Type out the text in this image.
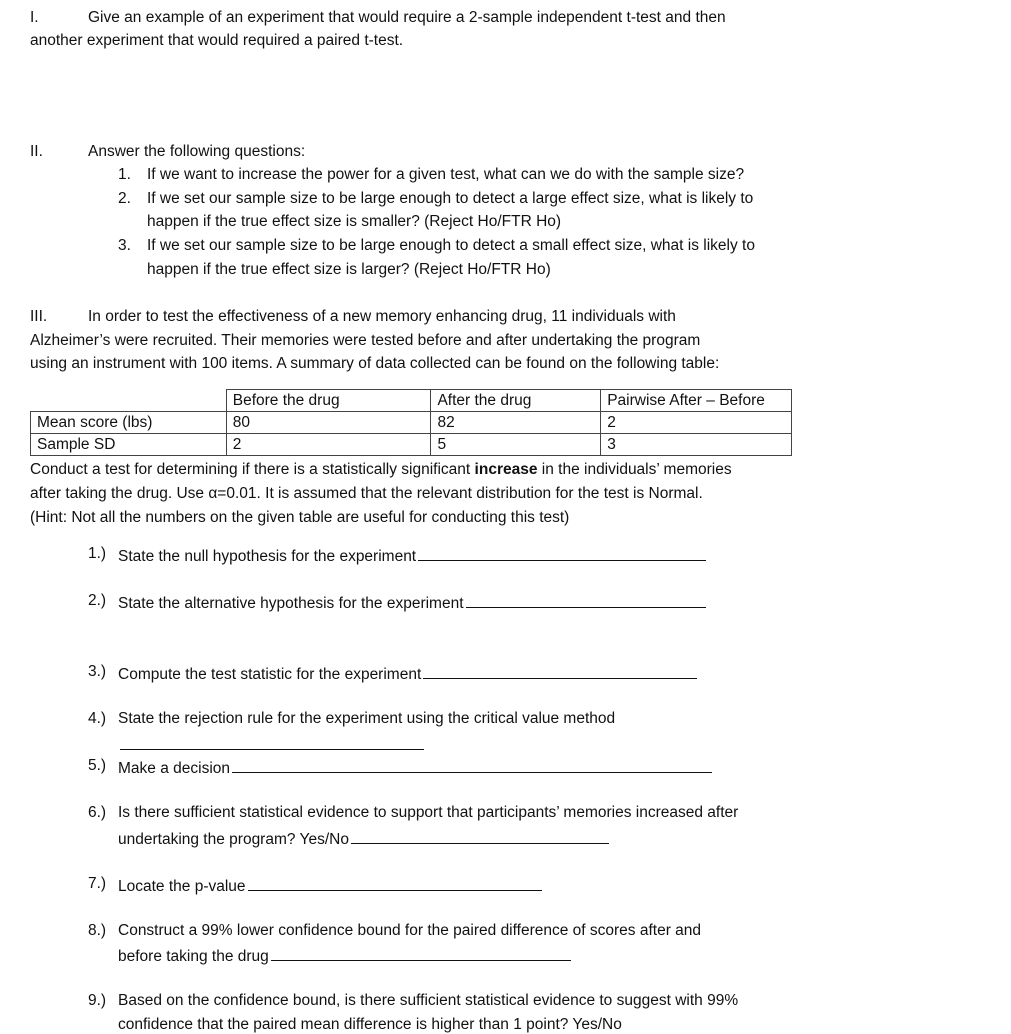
I.	Give an example of an experiment that would require a 2-sample independent t-test and then
another experiment that would required a paired t-test.
II.	Answer the following questions:
1. If we want to increase the power for a given test, what can we do with the sample size?
2. If we set our sample size to be large enough to detect a large effect size, what is likely to
happen if the true effect size is smaller? (Reject Ho/FTR Ho)
3. If we set our sample size to be large enough to detect a small effect size, what is likely to
happen if the true effect size is larger? (Reject Ho/FTR Ho)
III.	In order to test the effectiveness of a new memory enhancing drug, 11 individuals with
Alzheimer’s were recruited. Their memories were tested before and after undertaking the program
using an instrument with 100 items. A summary of data collected can be found on the following table:
	Before the drug	After the drug	Pairwise After – Before
Mean score (lbs)	80	82	2
Sample SD	2	5	3
Conduct a test for determining if there is a statistically significant increase in the individuals’ memories
after taking the drug. Use α=0.01. It is assumed that the relevant distribution for the test is Normal.
(Hint: Not all the numbers on the given table are useful for conducting this test)
1.) State the null hypothesis for the experiment
2.) State the alternative hypothesis for the experiment
3.) Compute the test statistic for the experiment
4.) State the rejection rule for the experiment using the critical value method
5.) Make a decision
6.) Is there sufficient statistical evidence to support that participants’ memories increased after
undertaking the program? Yes/No
7.) Locate the p-value
8.) Construct a 99% lower confidence bound for the paired difference of scores after and
before taking the drug
9.) Based on the confidence bound, is there sufficient statistical evidence to suggest with 99%
confidence that the paired mean difference is higher than 1 point? Yes/No
